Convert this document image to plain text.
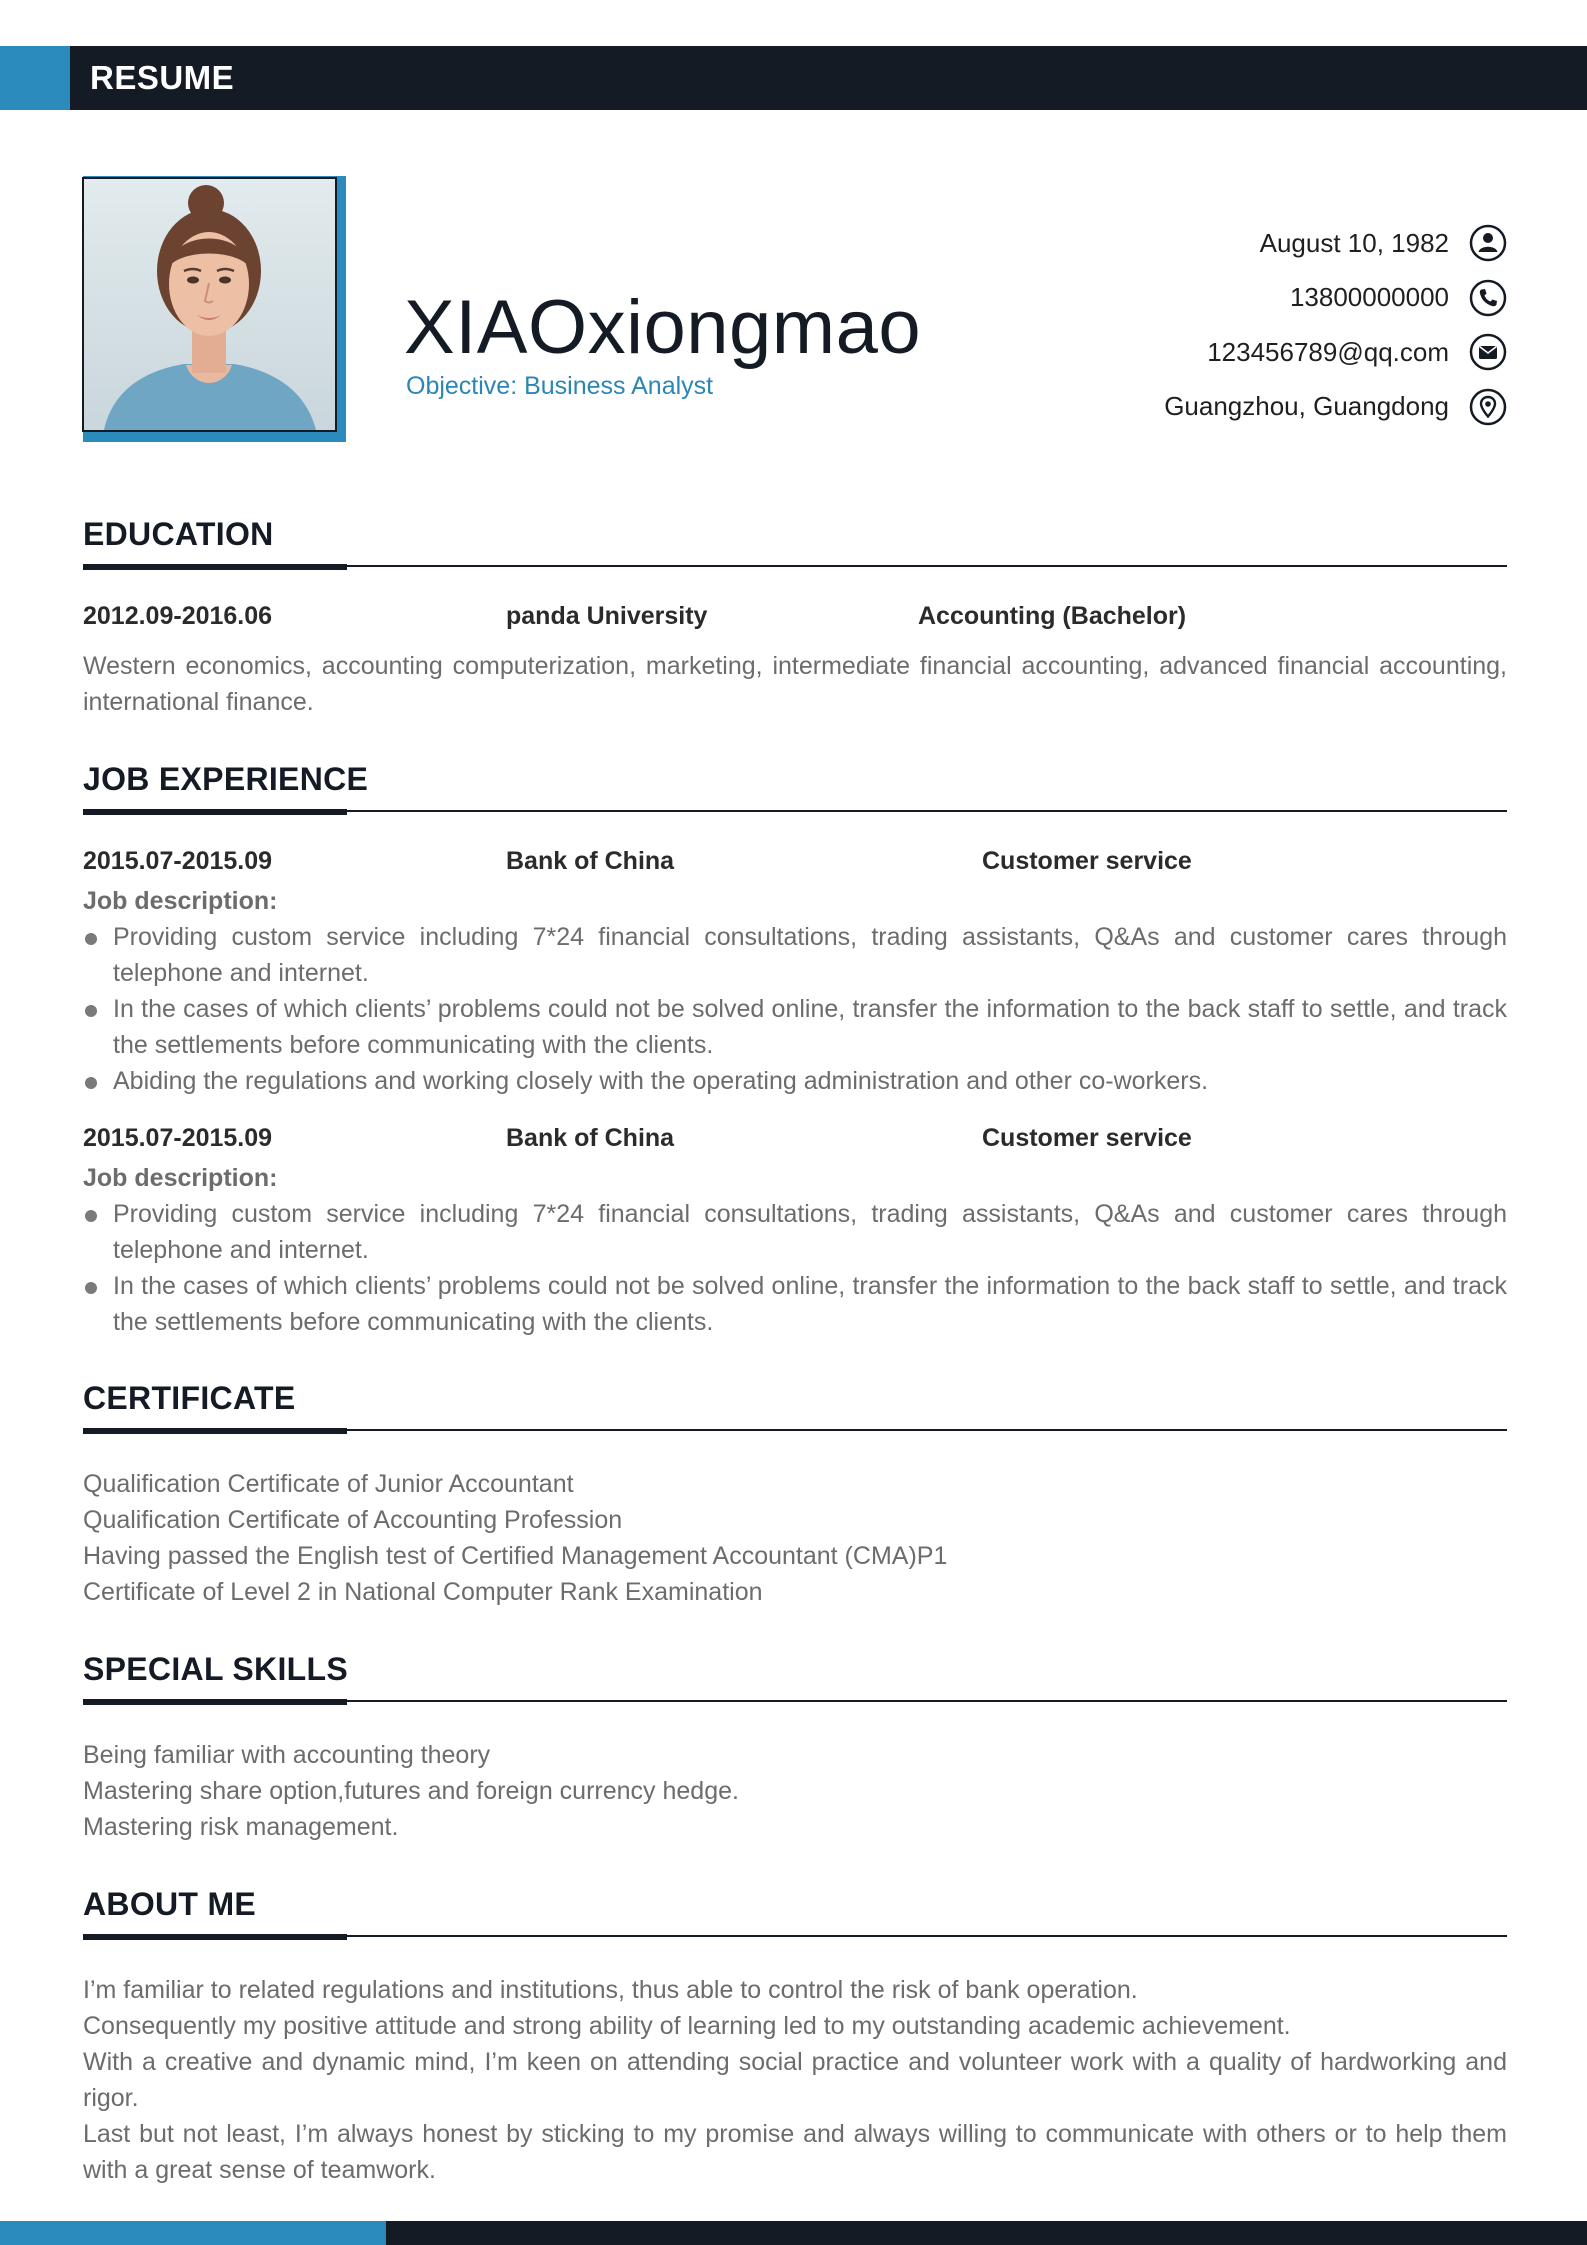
RESUME
XIAOxiongmao
Objective: Business Analyst
August 10, 1982
13800000000
123456789@qq.com
Guangzhou, Guangdong
EDUCATION
2012.09-2016.06	panda University	Accounting (Bachelor)
Western economics, accounting computerization, marketing, intermediate financial accounting, advanced financial accounting, international finance.
JOB EXPERIENCE
2015.07-2015.09	Bank of China	Customer service
Job description:
Providing custom service including 7*24 financial consultations, trading assistants, Q&As and customer cares through telephone and internet.
In the cases of which clients’ problems could not be solved online, transfer the information to the back staff to settle, and track the settlements before communicating with the clients.
Abiding the regulations and working closely with the operating administration and other co-workers.
2015.07-2015.09	Bank of China	Customer service
Job description:
Providing custom service including 7*24 financial consultations, trading assistants, Q&As and customer cares through telephone and internet.
In the cases of which clients’ problems could not be solved online, transfer the information to the back staff to settle, and track the settlements before communicating with the clients.
CERTIFICATE
Qualification Certificate of Junior Accountant
Qualification Certificate of Accounting Profession
Having passed the English test of Certified Management Accountant (CMA)P1
Certificate of Level 2 in National Computer Rank Examination
SPECIAL SKILLS
Being familiar with accounting theory
Mastering share option,futures and foreign currency hedge.
Mastering risk management.
ABOUT ME
I’m familiar to related regulations and institutions, thus able to control the risk of bank operation.
Consequently my positive attitude and strong ability of learning led to my outstanding academic achievement.
With a creative and dynamic mind, I’m keen on attending social practice and volunteer work with a quality of hardworking and rigor.
Last but not least, I’m always honest by sticking to my promise and always willing to communicate with others or to help them with a great sense of teamwork.
